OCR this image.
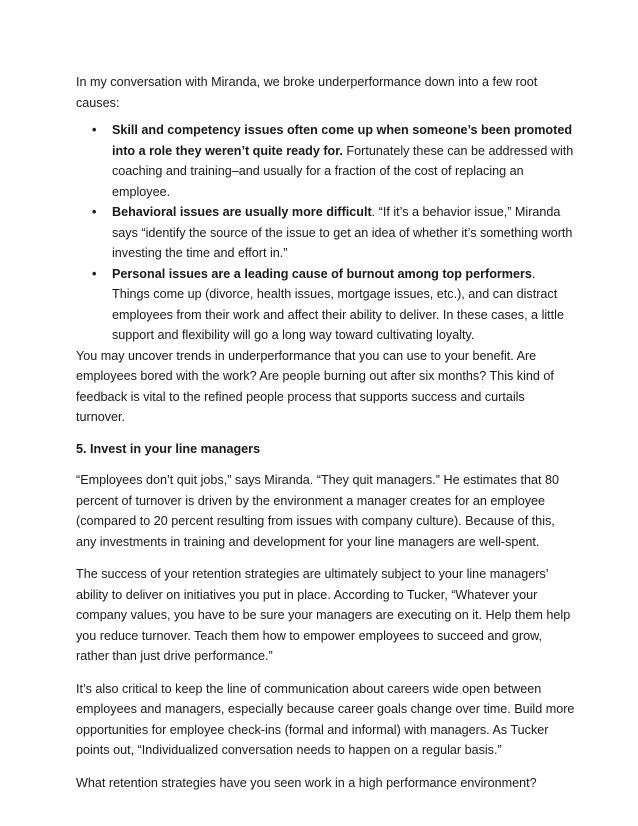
In my conversation with Miranda, we broke underperformance down into a few root causes:

• Skill and competency issues often come up when someone’s been promoted into a role they weren’t quite ready for. Fortunately these can be addressed with coaching and training–and usually for a fraction of the cost of replacing an employee.
• Behavioral issues are usually more difficult. “If it’s a behavior issue,” Miranda says “identify the source of the issue to get an idea of whether it’s something worth investing the time and effort in.”
• Personal issues are a leading cause of burnout among top performers. Things come up (divorce, health issues, mortgage issues, etc.), and can distract employees from their work and affect their ability to deliver. In these cases, a little support and flexibility will go a long way toward cultivating loyalty.

You may uncover trends in underperformance that you can use to your benefit. Are employees bored with the work? Are people burning out after six months? This kind of feedback is vital to the refined people process that supports success and curtails turnover.

5. Invest in your line managers

“Employees don’t quit jobs,” says Miranda. “They quit managers.” He estimates that 80 percent of turnover is driven by the environment a manager creates for an employee (compared to 20 percent resulting from issues with company culture). Because of this, any investments in training and development for your line managers are well-spent.

The success of your retention strategies are ultimately subject to your line managers’ ability to deliver on initiatives you put in place. According to Tucker, “Whatever your company values, you have to be sure your managers are executing on it. Help them help you reduce turnover. Teach them how to empower employees to succeed and grow, rather than just drive performance.”

It’s also critical to keep the line of communication about careers wide open between employees and managers, especially because career goals change over time. Build more opportunities for employee check-ins (formal and informal) with managers. As Tucker points out, “Individualized conversation needs to happen on a regular basis.”

What retention strategies have you seen work in a high performance environment?
